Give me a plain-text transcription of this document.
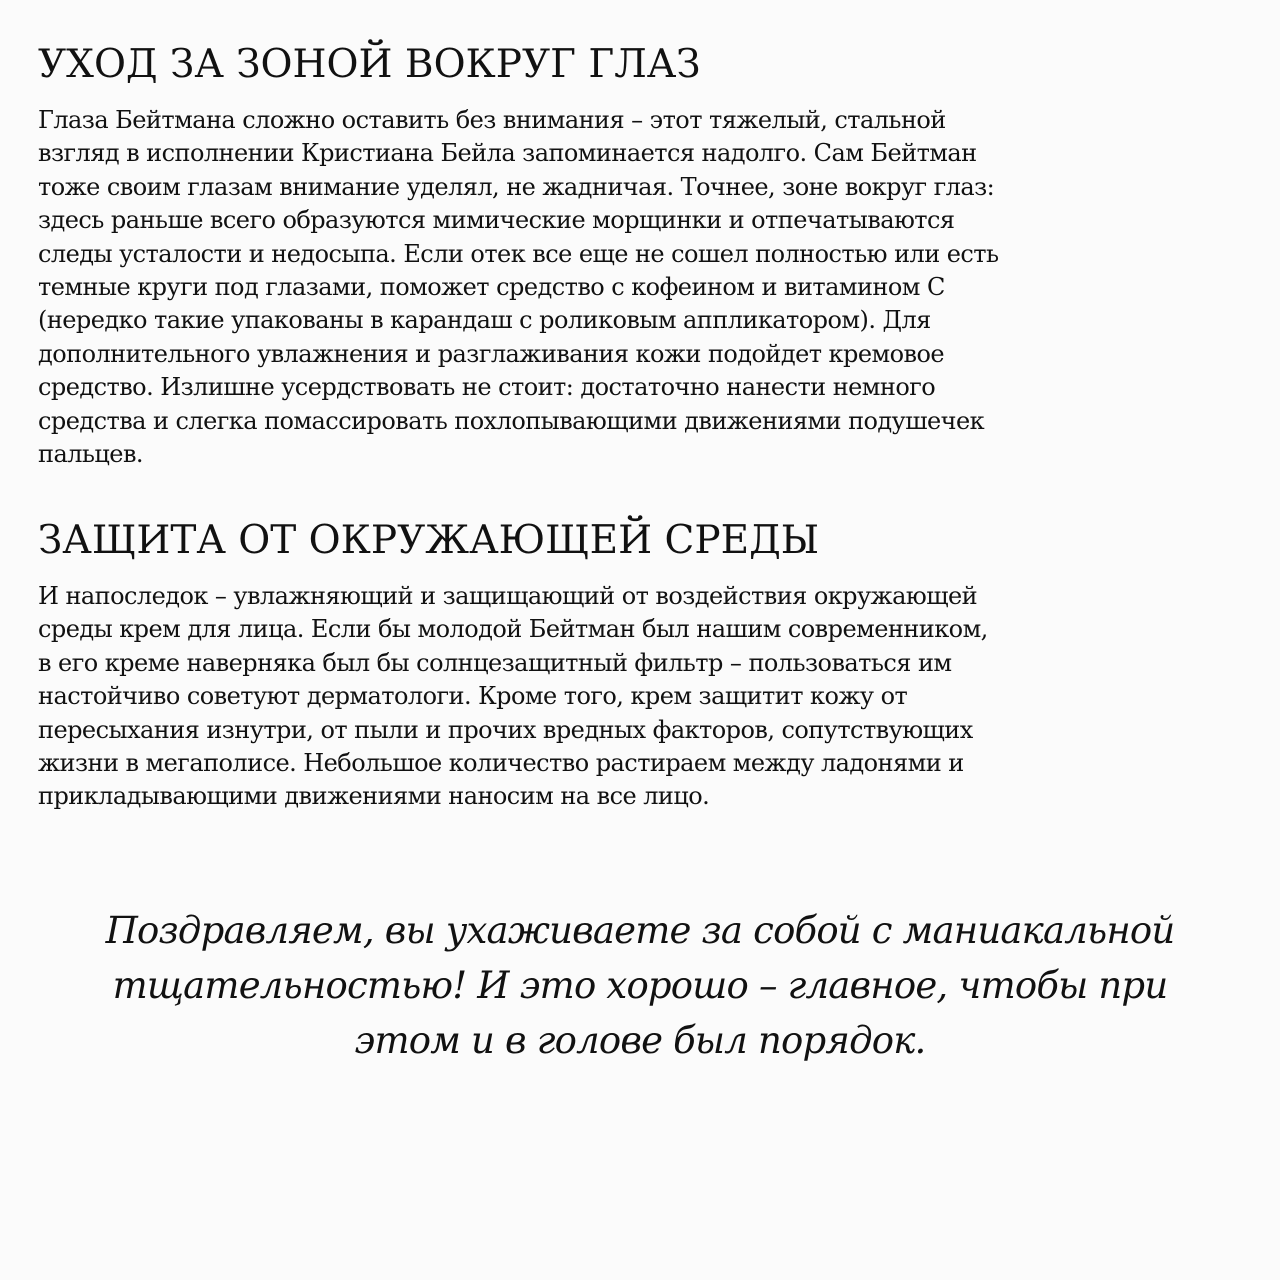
УХОД ЗА ЗОНОЙ ВОКРУГ ГЛАЗ

Глаза Бейтмана сложно оставить без внимания – этот тяжелый, стальной
взгляд в исполнении Кристиана Бейла запоминается надолго. Сам Бейтман
тоже своим глазам внимание уделял, не жадничая. Точнее, зоне вокруг глаз:
здесь раньше всего образуются мимические морщинки и отпечатываются
следы усталости и недосыпа. Если отек все еще не сошел полностью или есть
темные круги под глазами, поможет средство с кофеином и витамином С
(нередко такие упакованы в карандаш с роликовым аппликатором). Для
дополнительного увлажнения и разглаживания кожи подойдет кремовое
средство. Излишне усердствовать не стоит: достаточно нанести немного
средства и слегка помассировать похлопывающими движениями подушечек
пальцев.

ЗАЩИТА ОТ ОКРУЖАЮЩЕЙ СРЕДЫ

И напоследок – увлажняющий и защищающий от воздействия окружающей
среды крем для лица. Если бы молодой Бейтман был нашим современником,
в его креме наверняка был бы солнцезащитный фильтр – пользоваться им
настойчиво советуют дерматологи. Кроме того, крем защитит кожу от
пересыхания изнутри, от пыли и прочих вредных факторов, сопутствующих
жизни в мегаполисе. Небольшое количество растираем между ладонями и
прикладывающими движениями наносим на все лицо.

Поздравляем, вы ухаживаете за собой с маниакальной
тщательностью! И это хорошо – главное, чтобы при
этом и в голове был порядок.
